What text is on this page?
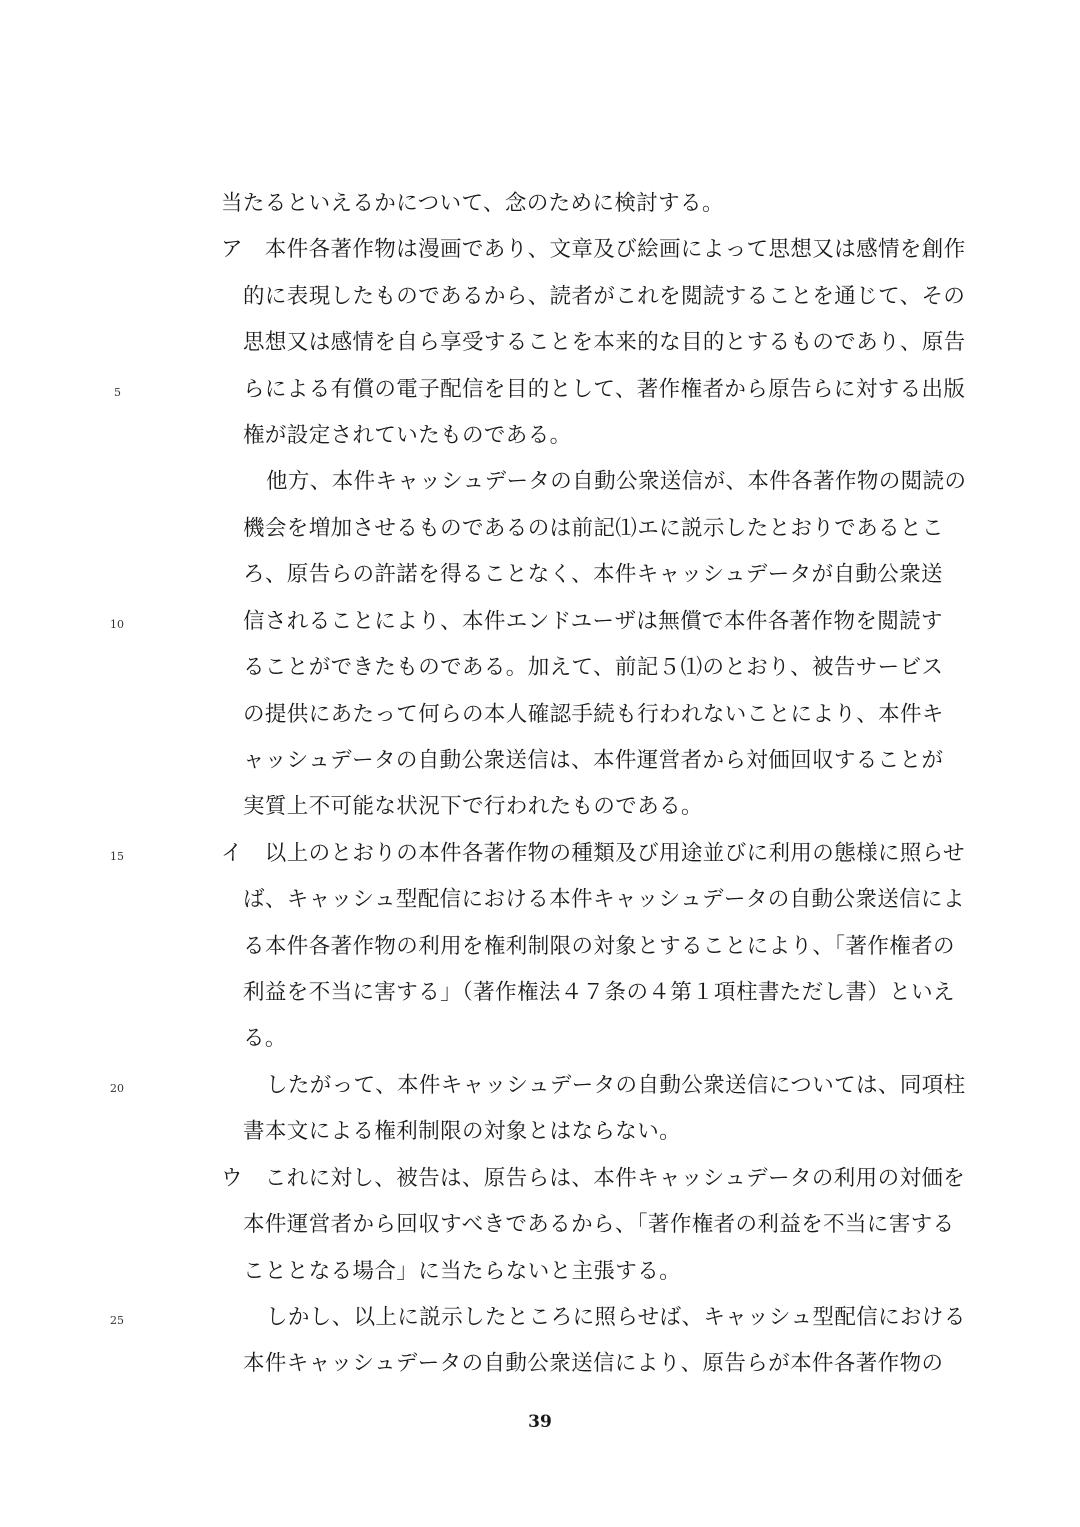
当たるといえるかについて、念のために検討する。
ア　本件各著作物は漫画であり、文章及び絵画によって思想又は感情を創作
的に表現したものであるから、読者がこれを閲読することを通じて、その
思想又は感情を自ら享受することを本来的な目的とするものであり、原告
らによる有償の電子配信を目的として、著作権者から原告らに対する出版
権が設定されていたものである。
他方、本件キャッシュデータの自動公衆送信が、本件各著作物の閲読の
機会を増加させるものであるのは前記⑴エに説示したとおりであるとこ
ろ、原告らの許諾を得ることなく、本件キャッシュデータが自動公衆送
信されることにより、本件エンドユーザは無償で本件各著作物を閲読す
ることができたものである。加えて、前記５⑴のとおり、被告サービス
の提供にあたって何らの本人確認手続も行われないことにより、本件キ
ャッシュデータの自動公衆送信は、本件運営者から対価回収することが
実質上不可能な状況下で行われたものである。
イ　以上のとおりの本件各著作物の種類及び用途並びに利用の態様に照らせ
ば、キャッシュ型配信における本件キャッシュデータの自動公衆送信によ
る本件各著作物の利用を権利制限の対象とすることにより、「著作権者の
利益を不当に害する」（著作権法４７条の４第１項柱書ただし書）といえ
る。
したがって、本件キャッシュデータの自動公衆送信については、同項柱
書本文による権利制限の対象とはならない。
ウ　これに対し、被告は、原告らは、本件キャッシュデータの利用の対価を
本件運営者から回収すべきであるから、「著作権者の利益を不当に害する
こととなる場合」に当たらないと主張する。
しかし、以上に説示したところに照らせば、キャッシュ型配信における
本件キャッシュデータの自動公衆送信により、原告らが本件各著作物の
5
10
15
20
25
39
